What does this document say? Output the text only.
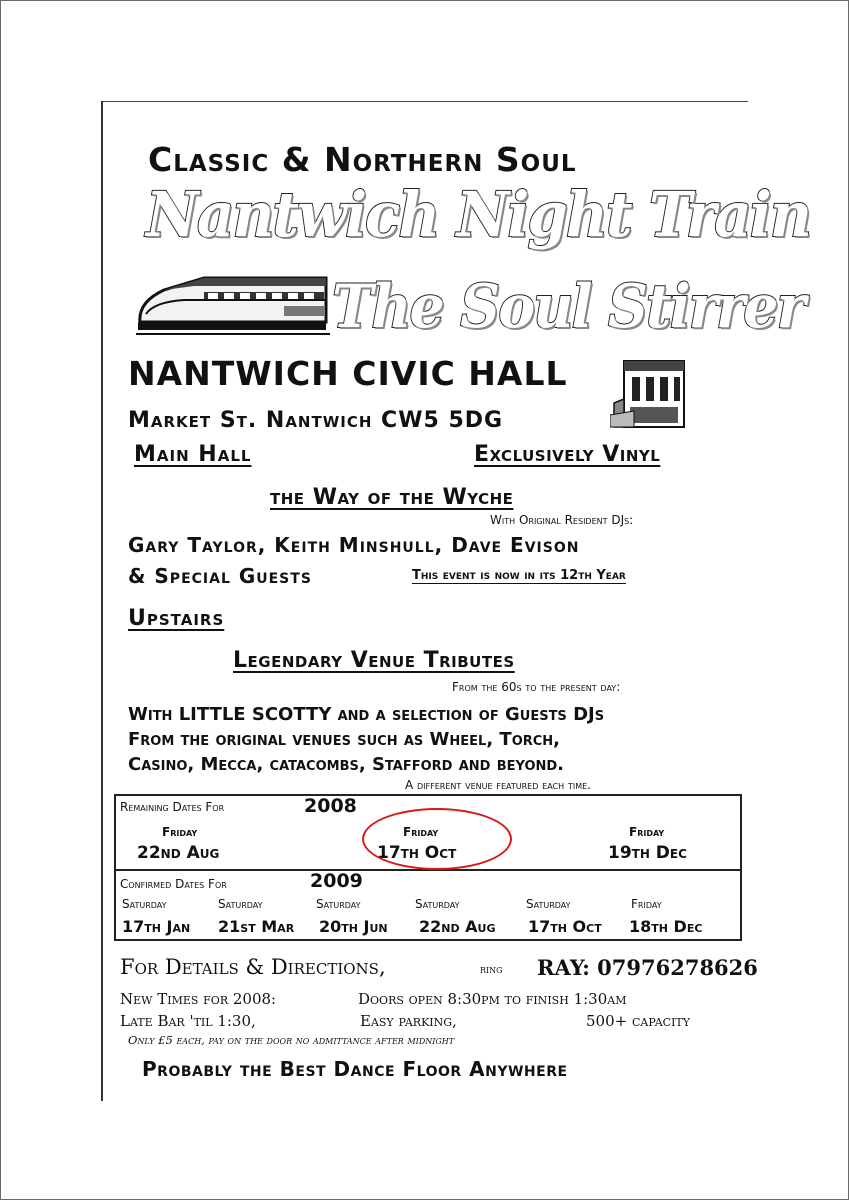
Classic & Northern Soul
Nantwich Night Train
The Soul Stirrer
NANTWICH CIVIC HALL
Market St. Nantwich CW5 5DG
Main Hall	Exclusively Vinyl
the Way of the Wyche
With Original Resident DJs:
Gary Taylor, Keith Minshull, Dave Evison
& Special Guests	This event is now in its 12th Year
Upstairs
Legendary Venue Tributes
From the 60s to the present day:
With LITTLE SCOTTY and a selection of Guests DJs
From the original venues such as Wheel, Torch,
Casino, Mecca, catacombs, Stafford and beyond.
A different venue featured each time.
Remaining Dates For	2008
Friday
22nd Aug
Friday
17th Oct
Friday
19th Dec
Confirmed Dates For	2009
Saturday
17th Jan
Saturday
21st Mar
Saturday
20th Jun
Saturday
22nd Aug
Saturday
17th Oct
Friday
18th Dec
For Details & Directions,	ring RAY: 07976278626
New Times for 2008:	Doors open 8:30pm to finish 1:30am
Late Bar 'til 1:30,	Easy parking,	500+ capacity
Only £5 each, pay on the door no admittance after midnight
Probably the Best Dance Floor Anywhere
